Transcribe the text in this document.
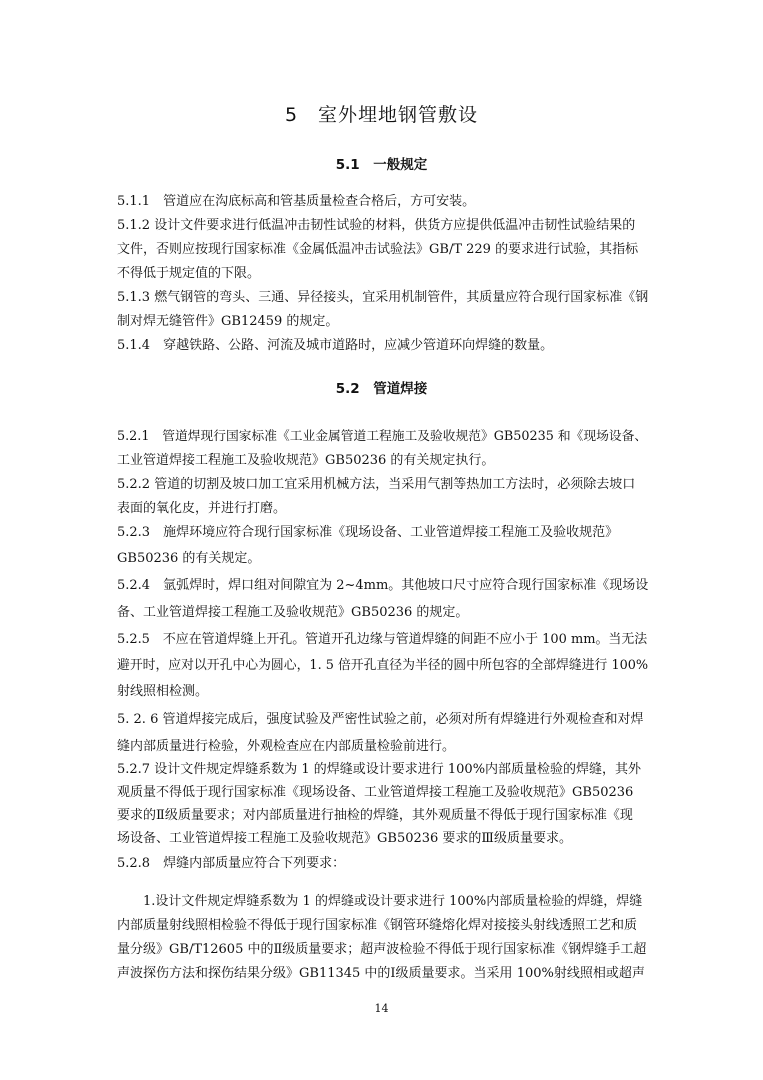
5　室外埋地钢管敷设
5.1　一般规定
5.1.1　管道应在沟底标高和管基质量检查合格后，方可安装。
5.1.2 设计文件要求进行低温冲击韧性试验的材料，供货方应提供低温冲击韧性试验结果的
文件，否则应按现行国家标准《金属低温冲击试验法》GB/T 229 的要求进行试验，其指标
不得低于规定值的下限。
5.1.3 燃气钢管的弯头、三通、异径接头，宜采用机制管件，其质量应符合现行国家标准《钢
制对焊无缝管件》GB12459 的规定。
5.1.4　穿越铁路、公路、河流及城市道路时，应减少管道环向焊缝的数量。
5.2　管道焊接
5.2.1　管道焊现行国家标准《工业金属管道工程施工及验收规范》GB50235 和《现场设备、
工业管道焊接工程施工及验收规范》GB50236 的有关规定执行。
5.2.2 管道的切割及坡口加工宜采用机械方法，当采用气割等热加工方法时，必须除去坡口
表面的氧化皮，并进行打磨。
5.2.3　施焊环境应符合现行国家标准《现场设备、工业管道焊接工程施工及验收规范》
GB50236 的有关规定。
5.2.4　氩弧焊时，焊口组对间隙宜为 2~4mm。其他坡口尺寸应符合现行国家标准《现场设
备、工业管道焊接工程施工及验收规范》GB50236 的规定。
5.2.5　不应在管道焊缝上开孔。管道开孔边缘与管道焊缝的间距不应小于 100 mm。当无法
避开时，应对以开孔中心为圆心，1. 5 倍开孔直径为半径的圆中所包容的全部焊缝进行 100%
射线照相检测。
5. 2. 6 管道焊接完成后，强度试验及严密性试验之前，必须对所有焊缝进行外观检查和对焊
缝内部质量进行检验，外观检查应在内部质量检验前进行。
5.2.7 设计文件规定焊缝系数为 1 的焊缝或设计要求进行 100%内部质量检验的焊缝，其外
观质量不得低于现行国家标准《现场设备、工业管道焊接工程施工及验收规范》GB50236
要求的Ⅱ级质量要求；对内部质量进行抽检的焊缝，其外观质量不得低于现行国家标准《现
场设备、工业管道焊接工程施工及验收规范》GB50236 要求的Ⅲ级质量要求。
5.2.8　焊缝内部质量应符合下列要求：
1.设计文件规定焊缝系数为 1 的焊缝或设计要求进行 100%内部质量检验的焊缝，焊缝
内部质量射线照相检验不得低于现行国家标准《钢管环缝熔化焊对接接头射线透照工艺和质
量分级》GB/T12605 中的Ⅱ级质量要求；超声波检验不得低于现行国家标准《钢焊缝手工超
声波探伤方法和探伤结果分级》GB11345 中的Ⅰ级质量要求。当采用 100%射线照相或超声
14
